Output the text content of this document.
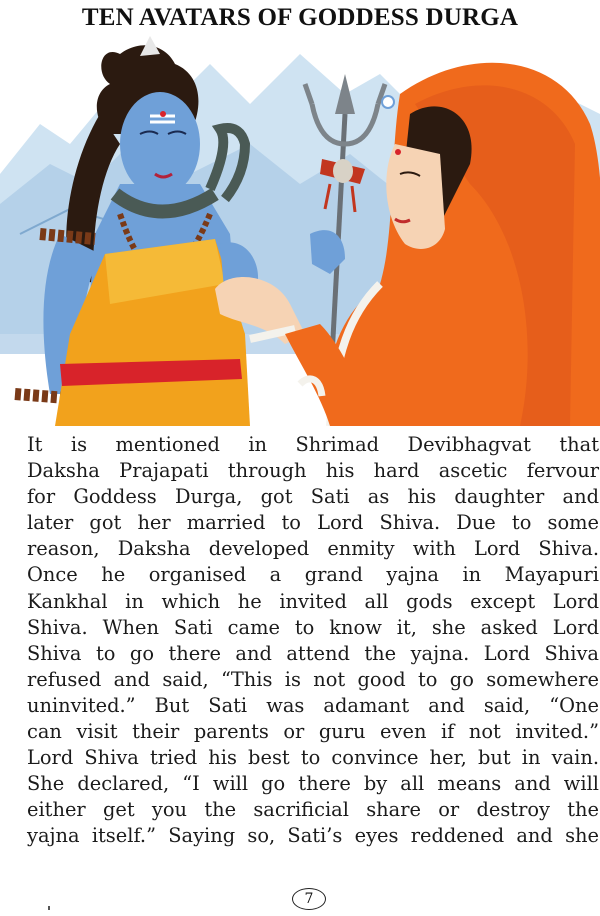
TEN AVATARS OF GODDESS DURGA
It is mentioned in Shrimad Devibhagvat that
Daksha Prajapati through his hard ascetic fervour
for Goddess Durga, got Sati as his daughter and
later got her married to Lord Shiva. Due to some
reason, Daksha developed enmity with Lord Shiva.
Once he organised a grand yajna in Mayapuri
Kankhal in which he invited all gods except Lord
Shiva. When Sati came to know it, she asked Lord
Shiva to go there and attend the yajna. Lord Shiva
refused and said, “This is not good to go somewhere
uninvited.” But Sati was adamant and said, “One
can visit their parents or guru even if not invited.”
Lord Shiva tried his best to convince her, but in vain.
She declared, “I will go there by all means and will
either get you the sacrificial share or destroy the
yajna itself.” Saying so, Sati’s eyes reddened and she
7
